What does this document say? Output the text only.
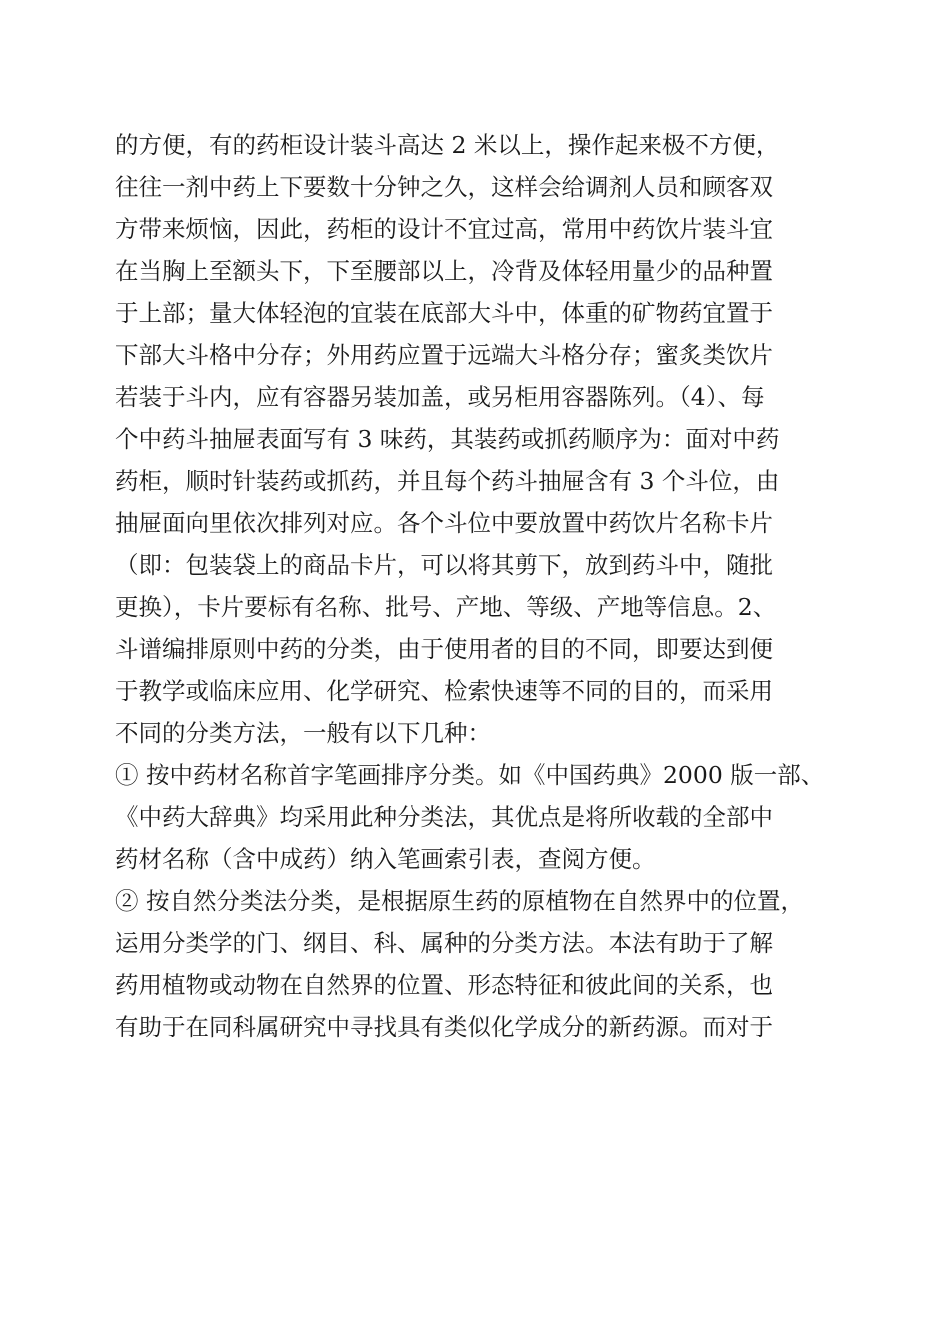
的方便，有的药柜设计装斗高达 2 米以上，操作起来极不方便，
往往一剂中药上下要数十分钟之久，这样会给调剂人员和顾客双
方带来烦恼，因此，药柜的设计不宜过高，常用中药饮片装斗宜
在当胸上至额头下，下至腰部以上，冷背及体轻用量少的品种置
于上部；量大体轻泡的宜装在底部大斗中，体重的矿物药宜置于
下部大斗格中分存；外用药应置于远端大斗格分存；蜜炙类饮片
若装于斗内，应有容器另装加盖，或另柜用容器陈列。（4）、每
个中药斗抽屉表面写有 3 味药，其装药或抓药顺序为：面对中药
药柜，顺时针装药或抓药，并且每个药斗抽屉含有 3 个斗位，由
抽屉面向里依次排列对应。各个斗位中要放置中药饮片名称卡片
（即：包装袋上的商品卡片，可以将其剪下，放到药斗中，随批
更换），卡片要标有名称、批号、产地、等级、产地等信息。2、
斗谱编排原则中药的分类，由于使用者的目的不同，即要达到便
于教学或临床应用、化学研究、检索快速等不同的目的，而采用
不同的分类方法，一般有以下几种：
① 按中药材名称首字笔画排序分类。如《中国药典》2000 版一部、
《中药大辞典》均采用此种分类法，其优点是将所收载的全部中
药材名称（含中成药）纳入笔画索引表，查阅方便。
② 按自然分类法分类，是根据原生药的原植物在自然界中的位置，
运用分类学的门、纲目、科、属种的分类方法。本法有助于了解
药用植物或动物在自然界的位置、形态特征和彼此间的关系，也
有助于在同科属研究中寻找具有类似化学成分的新药源。而对于
